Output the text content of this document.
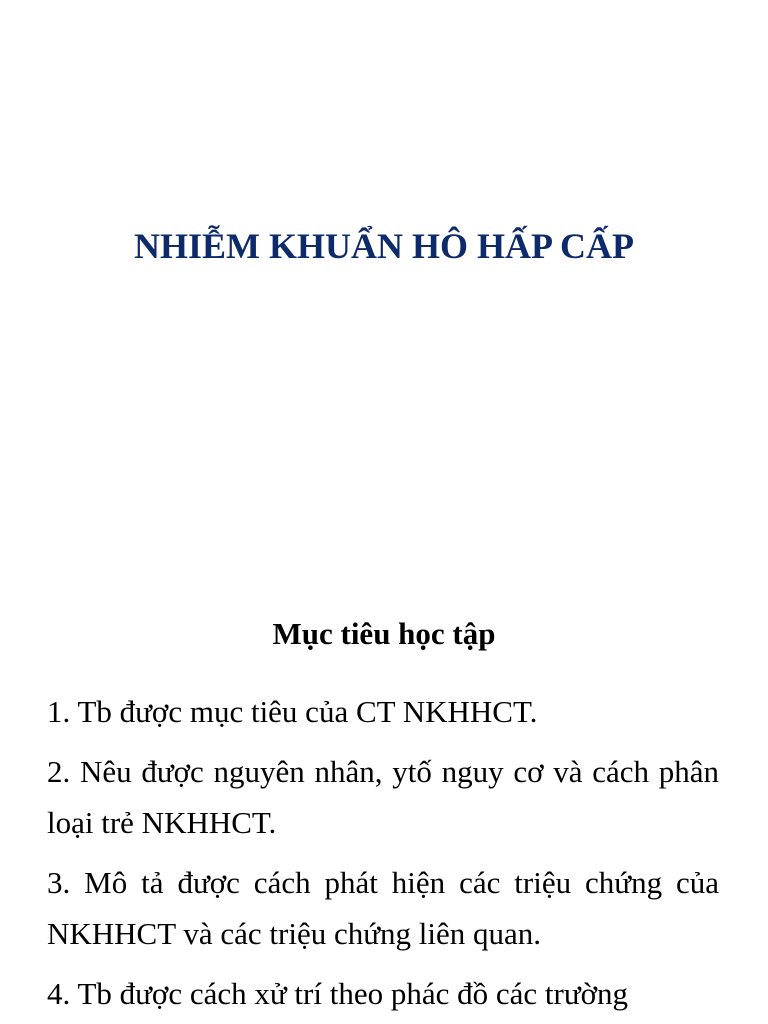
NHIỄM KHUẨN HÔ HẤP CẤP
Mục tiêu học tập
1. Tb được mục tiêu của CT NKHHCT.
2. Nêu được nguyên nhân, ytố nguy cơ và cách phân loại trẻ NKHHCT.
3. Mô tả được cách phát hiện các triệu chứng của NKHHCT và các triệu chứng liên quan.
4. Tb được cách xử trí theo phác đồ các trường
